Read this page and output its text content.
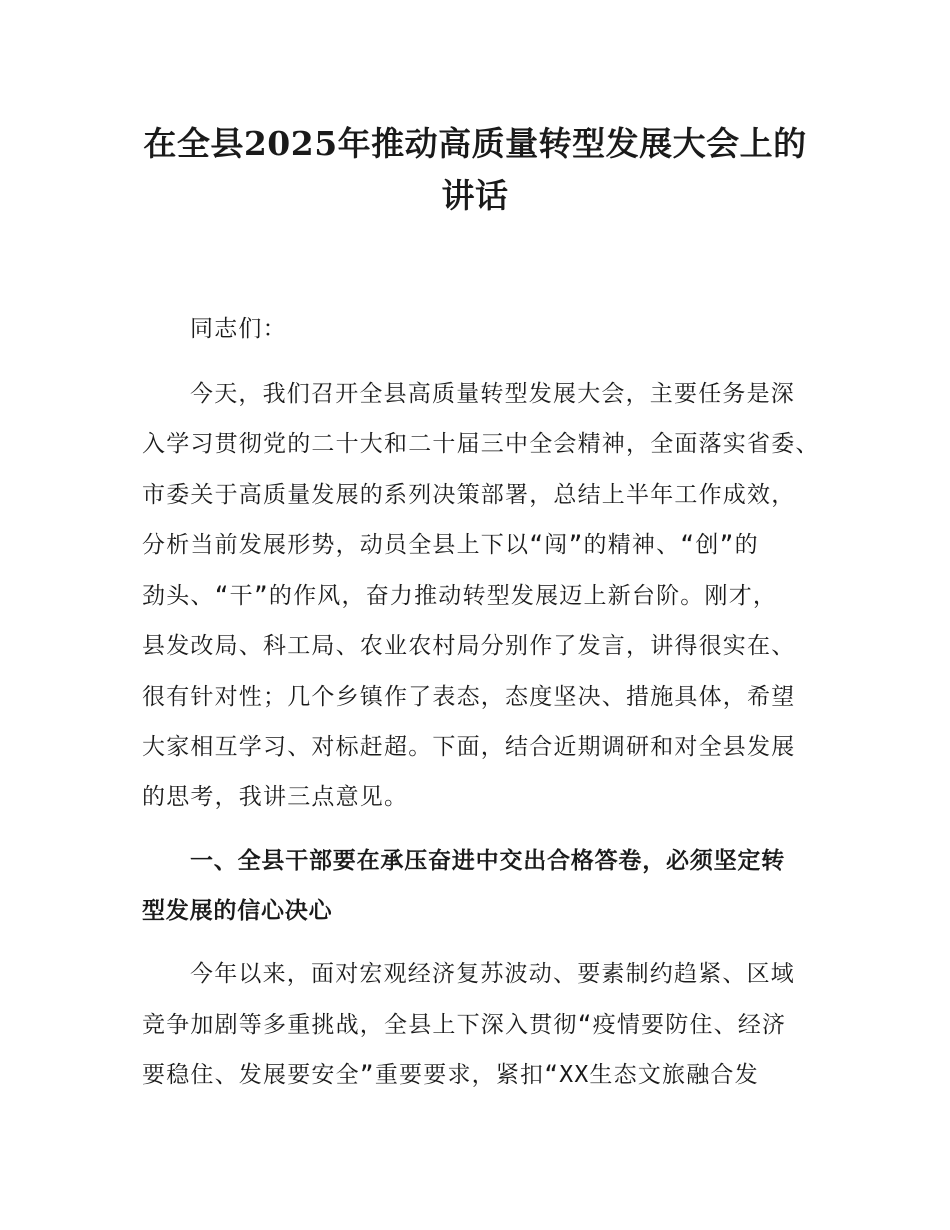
在全县2025年推动高质量转型发展大会上的
讲话

同志们：

今天，我们召开全县高质量转型发展大会，主要任务是深

入学习贯彻党的二十大和二十届三中全会精神，全面落实省委、

市委关于高质量发展的系列决策部署，总结上半年工作成效，

分析当前发展形势，动员全县上下以“闯”的精神、“创”的

劲头、“干”的作风，奋力推动转型发展迈上新台阶。刚才，

县发改局、科工局、农业农村局分别作了发言，讲得很实在、

很有针对性；几个乡镇作了表态，态度坚决、措施具体，希望

大家相互学习、对标赶超。下面，结合近期调研和对全县发展

的思考，我讲三点意见。

一、全县干部要在承压奋进中交出合格答卷，必须坚定转

型发展的信心决心

今年以来，面对宏观经济复苏波动、要素制约趋紧、区域

竞争加剧等多重挑战，全县上下深入贯彻“疫情要防住、经济

要稳住、发展要安全”重要要求，紧扣“XX生态文旅融合发
